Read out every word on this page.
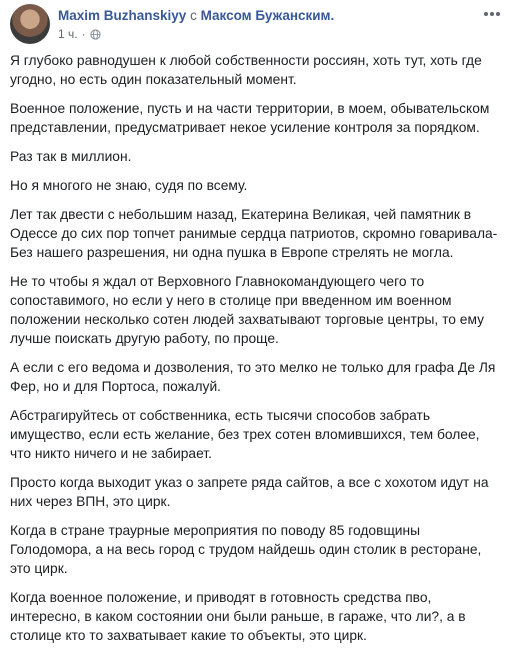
Maxim Buzhanskiyy с Максом Бужанским.
1 ч. ·

Я глубоко равнодушен к любой собственности россиян, хоть тут, хоть где угодно, но есть один показательный момент.

Военное положение, пусть и на части территории, в моем, обывательском представлении, предусматривает некое усиление контроля за порядком.

Раз так в миллион.

Но я многого не знаю, судя по всему.

Лет так двести с небольшим назад, Екатерина Великая, чей памятник в Одессе до сих пор топчет ранимые сердца патриотов, скромно говаривала- Без нашего разрешения, ни одна пушка в Европе стрелять не могла.

Не то чтобы я ждал от Верховного Главнокомандующего чего то сопоставимого, но если у него в столице при введенном им военном положении несколько сотен людей захватывают торговые центры, то ему лучше поискать другую работу, по проще.

А если с его ведома и дозволения, то это мелко не только для графа Де Ля Фер, но и для Портоса, пожалуй.

Абстрагируйтесь от собственника, есть тысячи способов забрать имущество, если есть желание, без трех сотен вломившихся, тем более, что никто ничего и не забирает.

Просто когда выходит указ о запрете ряда сайтов, а все с хохотом идут на них через ВПН, это цирк.

Когда в стране траурные мероприятия по поводу 85 годовщины Голодомора, а на весь город с трудом найдешь один столик в ресторане, это цирк.

Когда военное положение, и приводят в готовность средства пво, интересно, в каком состоянии они были раньше, в гараже, что ли?, а в столице кто то захватывает какие то объекты, это цирк.
